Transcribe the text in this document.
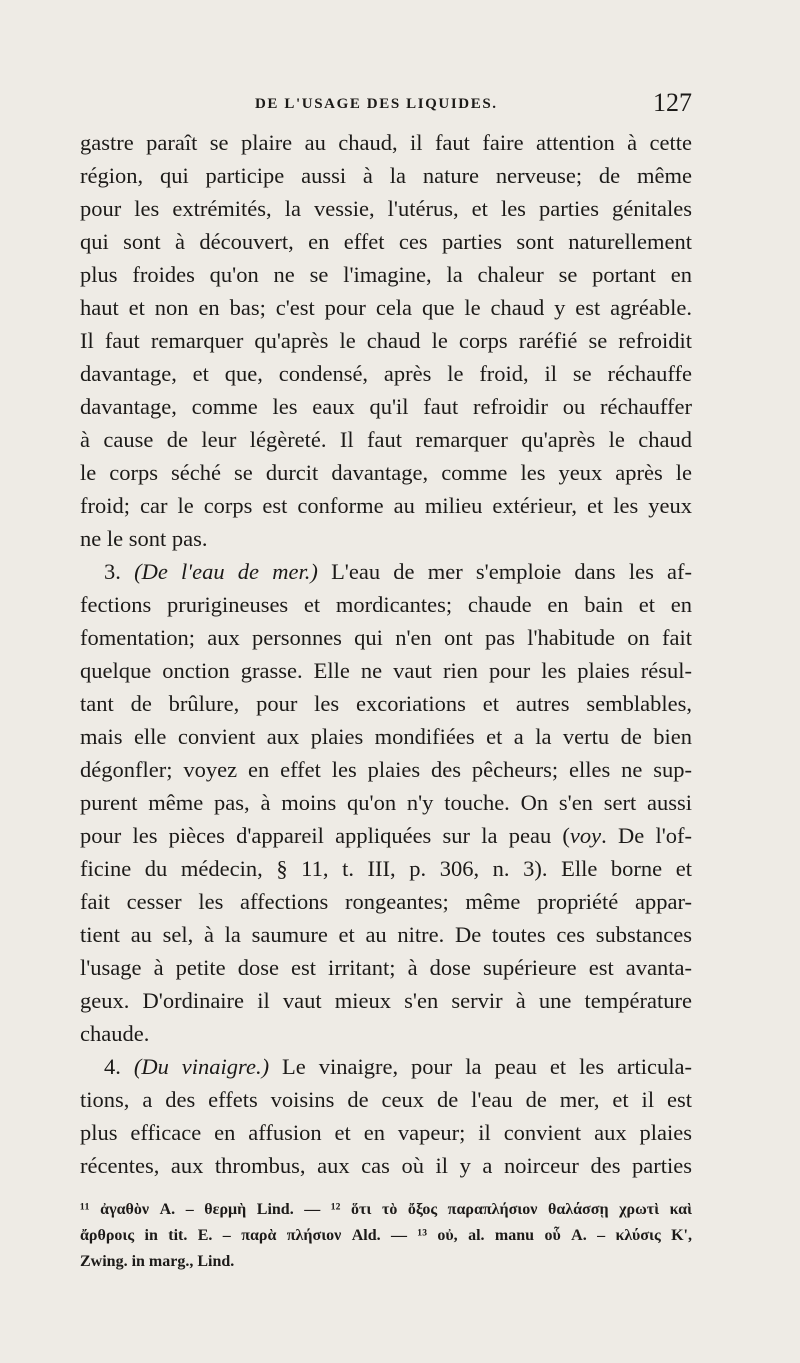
DE L'USAGE DES LIQUIDES.	127
gastre paraît se plaire au chaud, il faut faire attention à cette
région, qui participe aussi à la nature nerveuse; de même
pour les extrémités, la vessie, l'utérus, et les parties génitales
qui sont à découvert, en effet ces parties sont naturellement
plus froides qu'on ne se l'imagine, la chaleur se portant en
haut et non en bas; c'est pour cela que le chaud y est agréable.
Il faut remarquer qu'après le chaud le corps raréfié se refroidit
davantage, et que, condensé, après le froid, il se réchauffe
davantage, comme les eaux qu'il faut refroidir ou réchauffer
à cause de leur légèreté. Il faut remarquer qu'après le chaud
le corps séché se durcit davantage, comme les yeux après le
froid; car le corps est conforme au milieu extérieur, et les yeux
ne le sont pas.
3. (De l'eau de mer.) L'eau de mer s'emploie dans les af-
fections prurigineuses et mordicantes; chaude en bain et en
fomentation; aux personnes qui n'en ont pas l'habitude on fait
quelque onction grasse. Elle ne vaut rien pour les plaies résul-
tant de brûlure, pour les excoriations et autres semblables,
mais elle convient aux plaies mondifiées et a la vertu de bien
dégonfler; voyez en effet les plaies des pêcheurs; elles ne sup-
purent même pas, à moins qu'on n'y touche. On s'en sert aussi
pour les pièces d'appareil appliquées sur la peau (voy. De l'of-
ficine du médecin, § 11, t. III, p. 306, n. 3). Elle borne et
fait cesser les affections rongeantes; même propriété appar-
tient au sel, à la saumure et au nitre. De toutes ces substances
l'usage à petite dose est irritant; à dose supérieure est avanta-
geux. D'ordinaire il vaut mieux s'en servir à une température
chaude.
4. (Du vinaigre.) Le vinaigre, pour la peau et les articula-
tions, a des effets voisins de ceux de l'eau de mer, et il est
plus efficace en affusion et en vapeur; il convient aux plaies
récentes, aux thrombus, aux cas où il y a noirceur des parties
¹¹ ἀγαθὸν A. – θερμὴ Lind. — ¹² ὅτι τὸ ὄξος παραπλήσιον θαλάσσῃ χρωτὶ καὶ
ἄρθροις in tit. E. – παρὰ πλήσιον Ald. — ¹³ οὐ, al. manu οὗ A. – κλύσις K',
Zwing. in marg., Lind.
